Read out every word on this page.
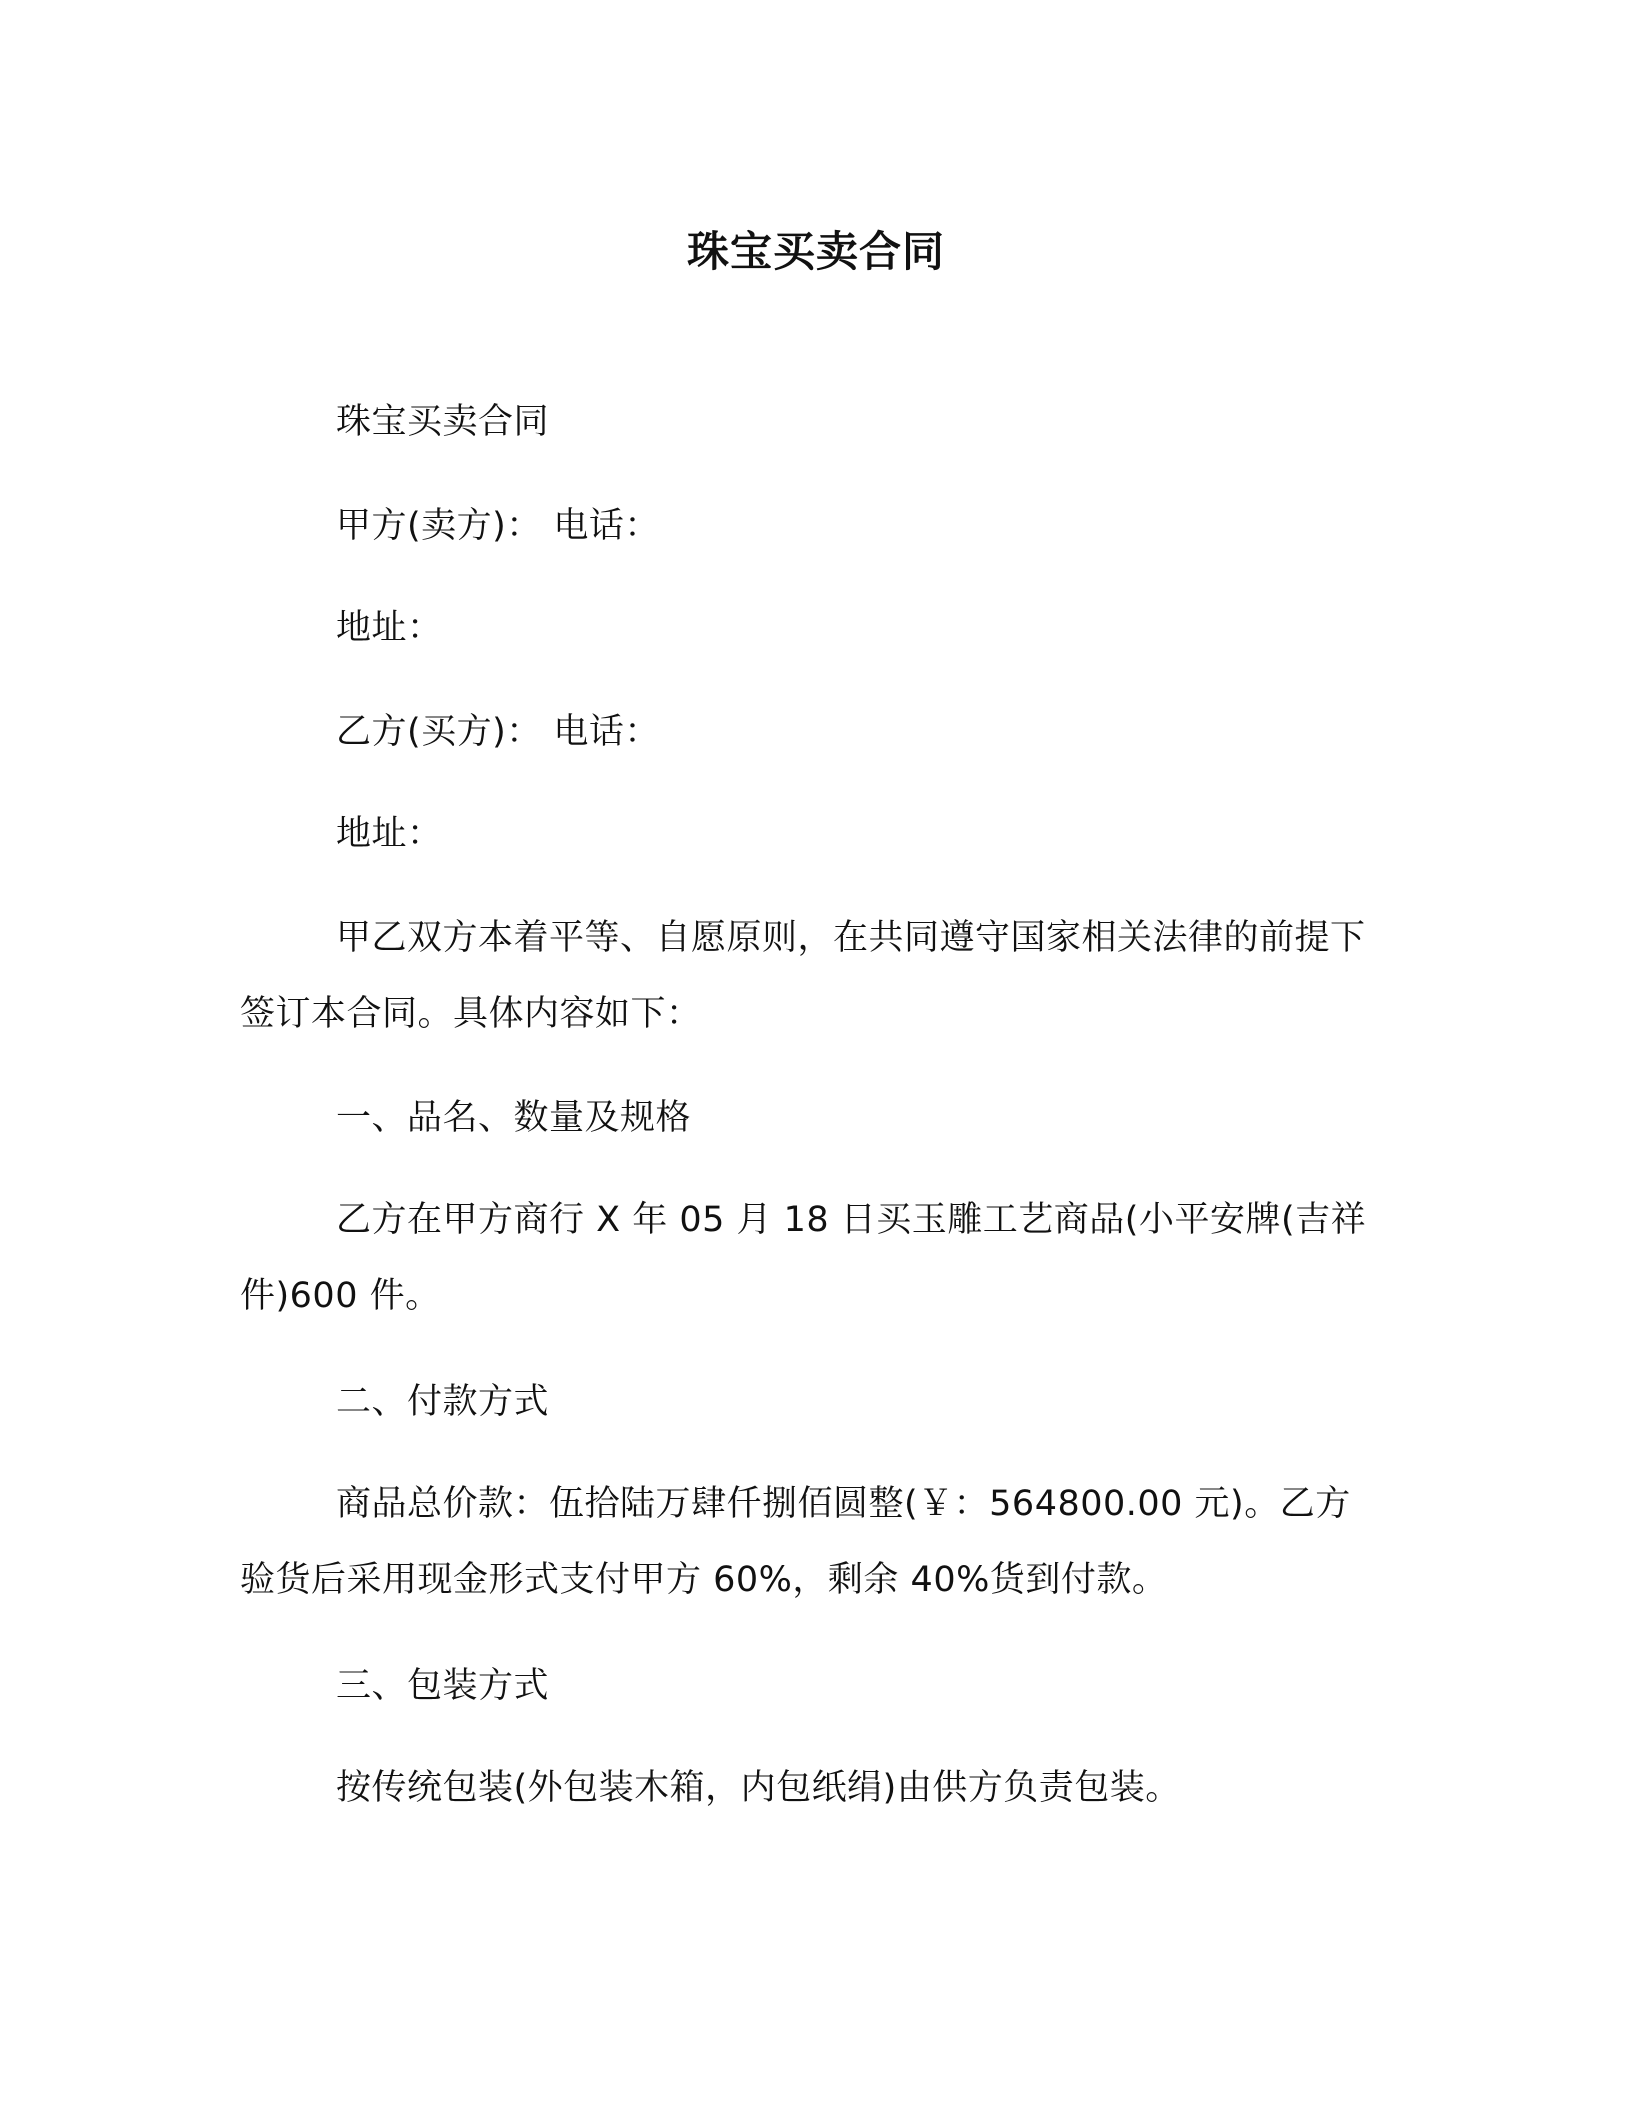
珠宝买卖合同
珠宝买卖合同
甲方(卖方)： 电话：
地址：
乙方(买方)： 电话：
地址：
甲乙双方本着平等、自愿原则，在共同遵守国家相关法律的前提下签订本合同。具体内容如下：
一、品名、数量及规格
乙方在甲方商行 X 年 05 月 18 日买玉雕工艺商品(小平安牌(吉祥件)600 件。
二、付款方式
商品总价款：伍拾陆万肆仟捌佰圆整(￥：564800.00 元)。乙方验货后采用现金形式支付甲方 60%，剩余 40%货到付款。
三、包装方式
按传统包装(外包装木箱，内包纸绢)由供方负责包装。
